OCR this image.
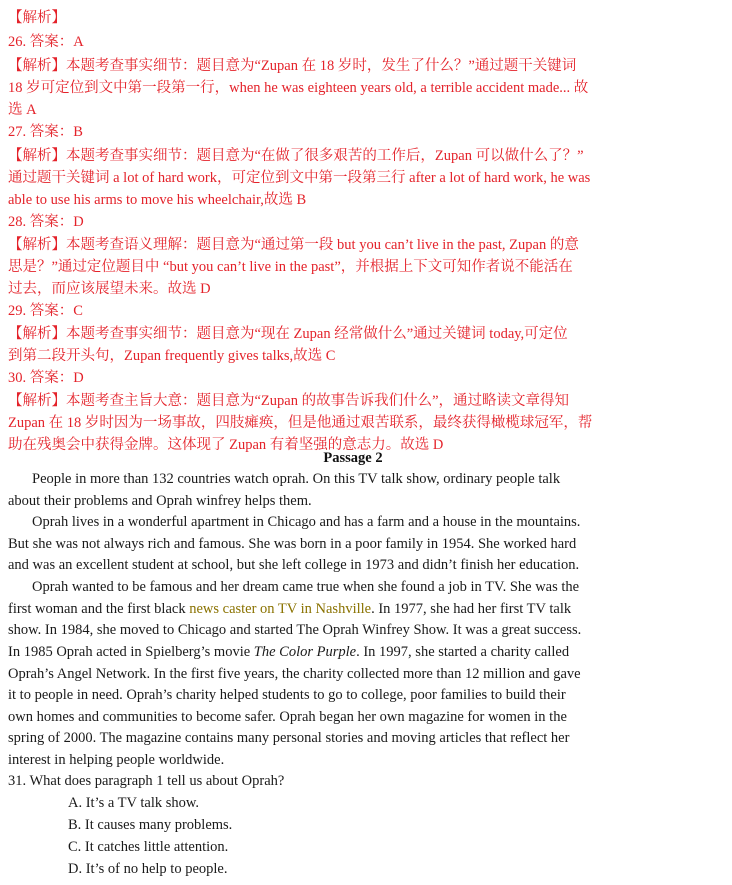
【解析】
26. 答案：A
【解析】本题考查事实细节：题目意为“Zupan 在 18 岁时，发生了什么？”通过题干关键词
18 岁可定位到文中第一段第一行，when he was eighteen years old, a terrible accident made... 故
选 A
27. 答案：B
【解析】本题考查事实细节：题目意为“在做了很多艰苦的工作后，Zupan 可以做什么了？”
通过题干关键词 a lot of hard work，可定位到文中第一段第三行 after a lot of hard work, he was
able to use his arms to move his wheelchair,故选 B
28. 答案：D
【解析】本题考查语义理解：题目意为“通过第一段 but you can’t live in the past, Zupan 的意
思是？”通过定位题目中 “but you can’t live in the past”，并根据上下文可知作者说不能活在
过去，而应该展望未来。故选 D
29. 答案：C
【解析】本题考查事实细节：题目意为“现在 Zupan 经常做什么”通过关键词 today,可定位
到第二段开头句，Zupan frequently gives talks,故选 C
30. 答案：D
【解析】本题考查主旨大意：题目意为“Zupan 的故事告诉我们什么”，通过略读文章得知
Zupan 在 18 岁时因为一场事故，四肢瘫痪，但是他通过艰苦联系，最终获得橄榄球冠军，帮
助在残奥会中获得金牌。这体现了 Zupan 有着坚强的意志力。故选 D
Passage 2
People in more than 132 countries watch oprah. On this TV talk show, ordinary people talk
about their problems and Oprah winfrey helps them.
Oprah lives in a wonderful apartment in Chicago and has a farm and a house in the mountains.
But she was not always rich and famous. She was born in a poor family in 1954. She worked hard
and was an excellent student at school, but she left college in 1973 and didn’t finish her education.
Oprah wanted to be famous and her dream came true when she found a job in TV. She was the
first woman and the first black news caster on TV in Nashville. In 1977, she had her first TV talk
show. In 1984, she moved to Chicago and started The Oprah Winfrey Show. It was a great success.
In 1985 Oprah acted in Spielberg’s movie The Color Purple. In 1997, she started a charity called
Oprah’s Angel Network. In the first five years, the charity collected more than 12 million and gave
it to people in need. Oprah’s charity helped students to go to college, poor families to build their
own homes and communities to become safer. Oprah began her own magazine for women in the
spring of 2000. The magazine contains many personal stories and moving articles that reflect her
interest in helping people worldwide.
31. What does paragraph 1 tell us about Oprah?
A. It’s a TV talk show.
B. It causes many problems.
C. It catches little attention.
D. It’s of no help to people.
